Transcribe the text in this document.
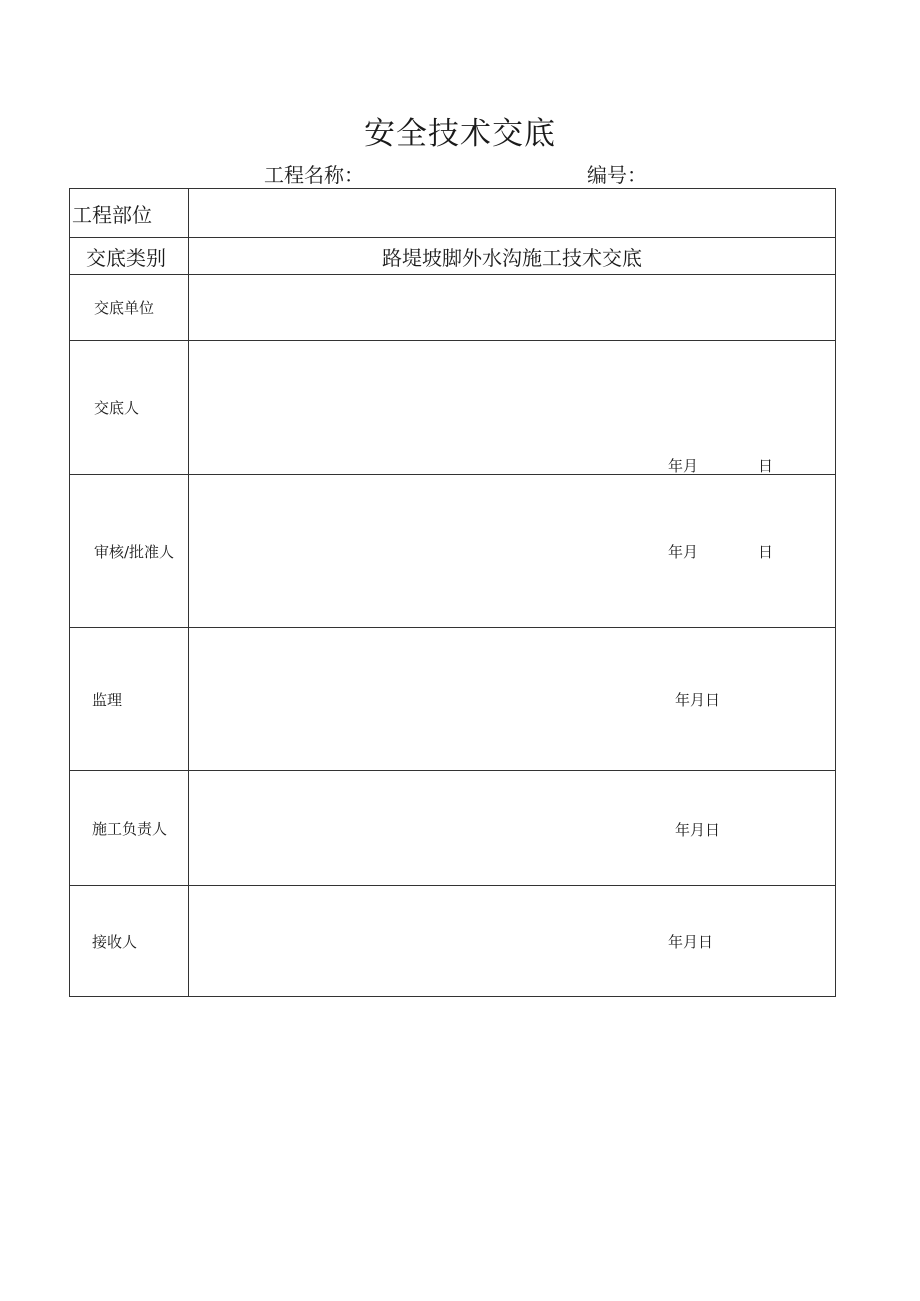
安全技术交底
工程名称：	编号：
工程部位	

交底类别	路堤坡脚外水沟施工技术交底

交底单位	

交底人	年月 日

审核/批准人	年月 日

监理	年月日

施工负责人	年月日

接收人	年月日
